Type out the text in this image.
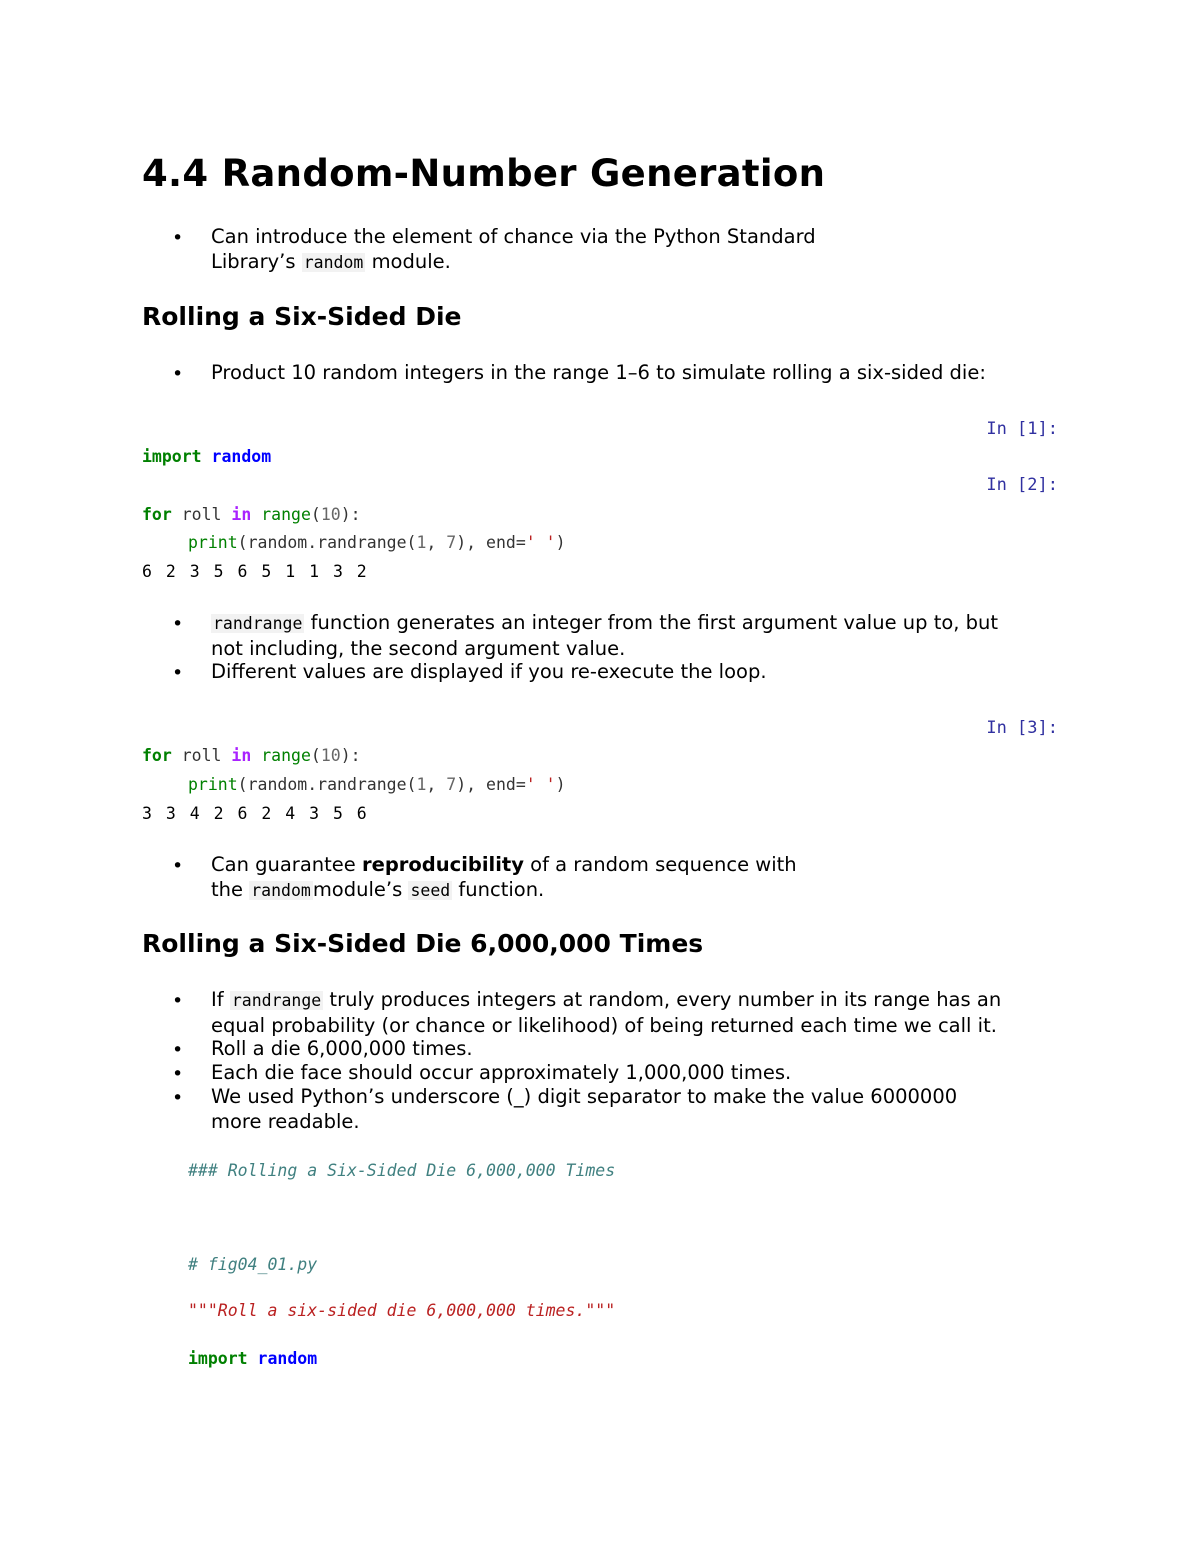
4.4 Random-Number Generation
• Can introduce the element of chance via the Python Standard
Library’s random module.
Rolling a Six-Sided Die
• Product 10 random integers in the range 1–6 to simulate rolling a six-sided die:
In [1]:
import random
In [2]:
for roll in range(10):
print(random.randrange(1, 7), end=' ')
6 2 3 5 6 5 1 1 3 2
• randrange function generates an integer from the first argument value up to, but
not including, the second argument value.
• Different values are displayed if you re-execute the loop.
In [3]:
for roll in range(10):
print(random.randrange(1, 7), end=' ')
3 3 4 2 6 2 4 3 5 6
• Can guarantee reproducibility of a random sequence with
the random module’s seed function.
Rolling a Six-Sided Die 6,000,000 Times
• If randrange truly produces integers at random, every number in its range has an
equal probability (or chance or likelihood) of being returned each time we call it.
• Roll a die 6,000,000 times.
• Each die face should occur approximately 1,000,000 times.
• We used Python’s underscore (_) digit separator to make the value 6000000
more readable.
### Rolling a Six-Sided Die 6,000,000 Times
# fig04_01.py
"""Roll a six-sided die 6,000,000 times."""
import random
